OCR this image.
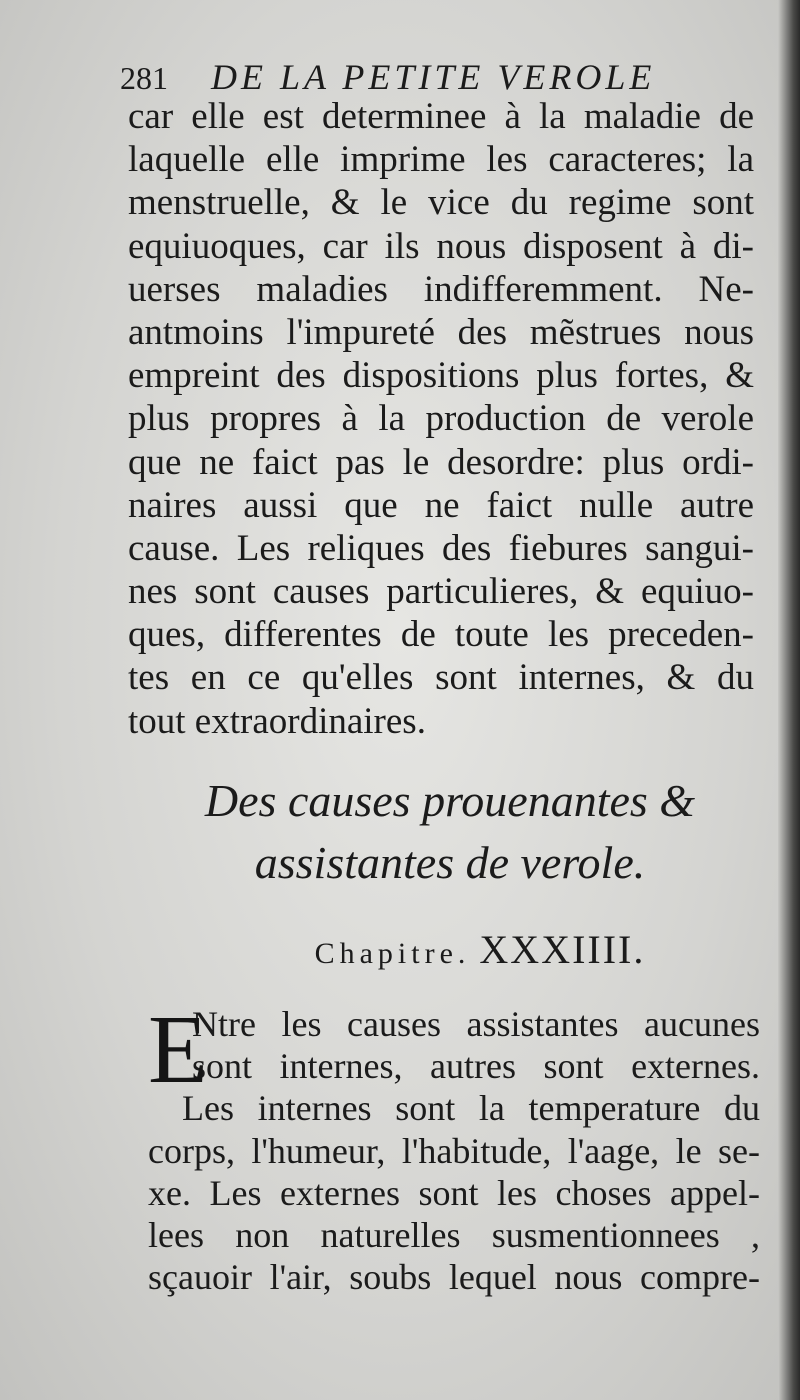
281 DE LA PETITE VEROLE
car elle est determinee à la maladie de
laquelle elle imprime les caracteres; la
menstruelle, & le vice du regime sont
equiuoques, car ils nous disposent à di-
uerses maladies indifferemment. Ne-
antmoins l'impureté des mẽstrues nous
empreint des dispositions plus fortes, &
plus propres à la production de verole
que ne faict pas le desordre: plus ordi-
naires aussi que ne faict nulle autre
cause. Les reliques des fiebures sangui-
nes sont causes particulieres, & equiuo-
ques, differentes de toute les preceden-
tes en ce qu'elles sont internes, & du
tout extraordinaires.
Des causes prouenantes &
assistantes de verole.
Chapitre. XXXIIII.
E
Ntre les causes assistantes aucunes
sont internes, autres sont externes.
Les internes sont la temperature du
corps, l'humeur, l'habitude, l'aage, le se-
xe. Les externes sont les choses appel-
lees non naturelles susmentionnees ,
sçauoir l'air, soubs lequel nous compre-
